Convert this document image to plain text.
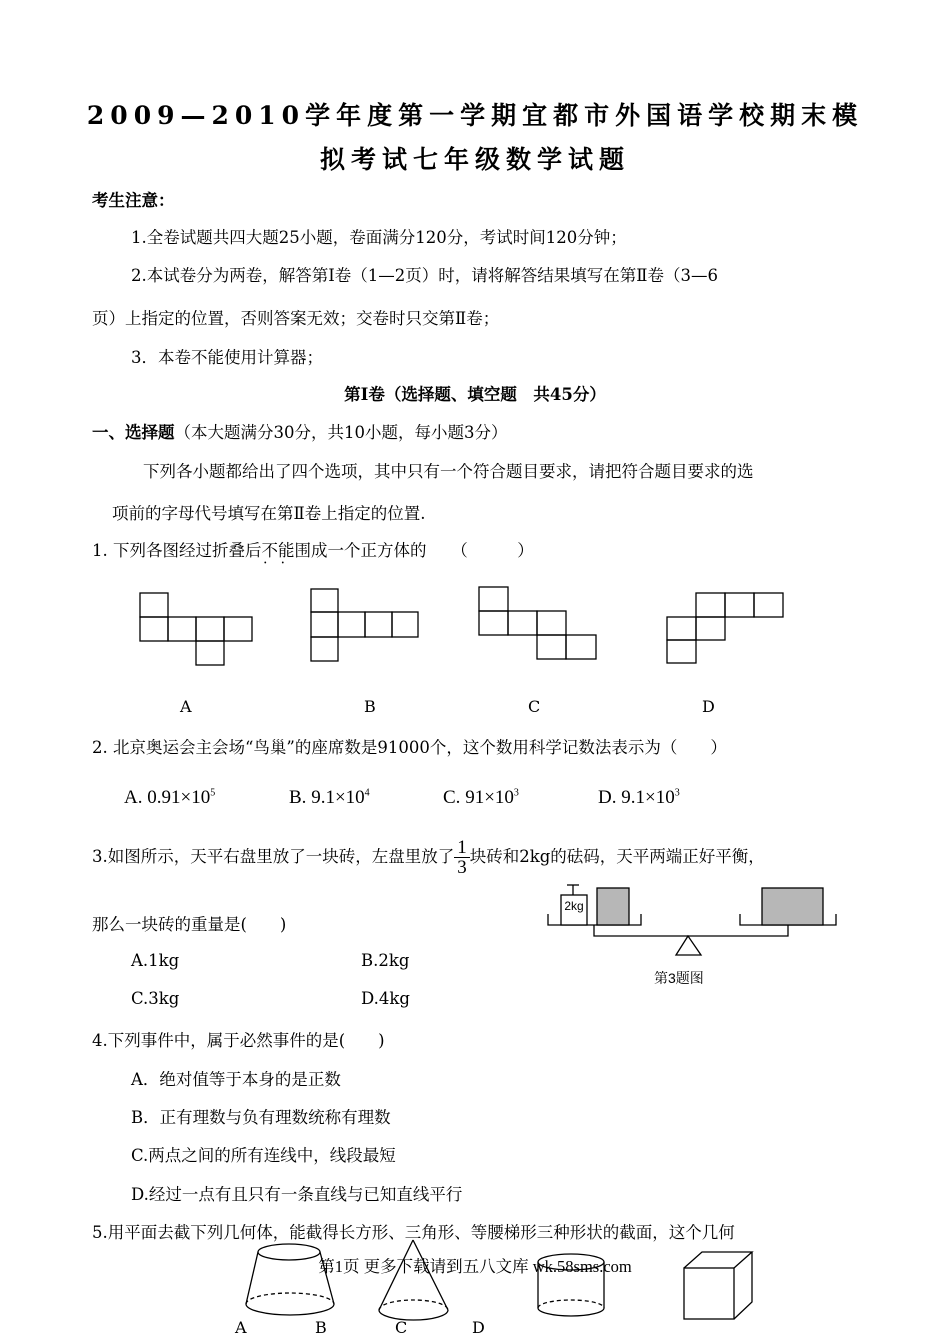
2009—2010学年度第一学期宜都市外国语学校期末模
拟考试七年级数学试题
考生注意：
1.全卷试题共四大题25小题，卷面满分120分，考试时间120分钟；
2.本试卷分为两卷，解答第Ⅰ卷（1—2页）时，请将解答结果填写在第Ⅱ卷（3—6
页）上指定的位置，否则答案无效；交卷时只交第Ⅱ卷；
3．本卷不能使用计算器；
第Ⅰ卷（选择题、填空题　共45分）
一、选择题（本大题满分30分，共10小题，每小题3分）
下列各小题都给出了四个选项，其中只有一个符合题目要求，请把符合题目要求的选
项前的字母代号填写在第Ⅱ卷上指定的位置.
1. 下列各图经过折叠后不能 • •围成一个正方体的　　（　　　）
A	B	C	D
2. 北京奥运会主会场“鸟巢”的座席数是91000个，这个数用科学记数法表示为（　　）
A. $0.91\times 10^5$	B. $9.1\times 10^4$	C. $91\times 10^3$	D. $9.1\times 10^3$
3.如图所示，天平右盘里放了一块砖，左盘里放了 $\frac{1}{3}$ 块砖和2kg的砝码，天平两端正好平衡，
那么一块砖的重量是(　　)
2kg
第3题图
A.1kg	B.2kg
C.3kg	D.4kg
4.下列事件中，属于必然事件的是(　　)
A．绝对值等于本身的是正数
B．正有理数与负有理数统称有理数
C.两点之间的所有连线中，线段最短
D.经过一点有且只有一条直线与已知直线平行
5.用平面去截下列几何体，能截得长方形、三角形、等腰梯形三种形状的截面，这个几何
第1页 更多下载请到五八文库 wk.58sms.com
A	B	C	D
